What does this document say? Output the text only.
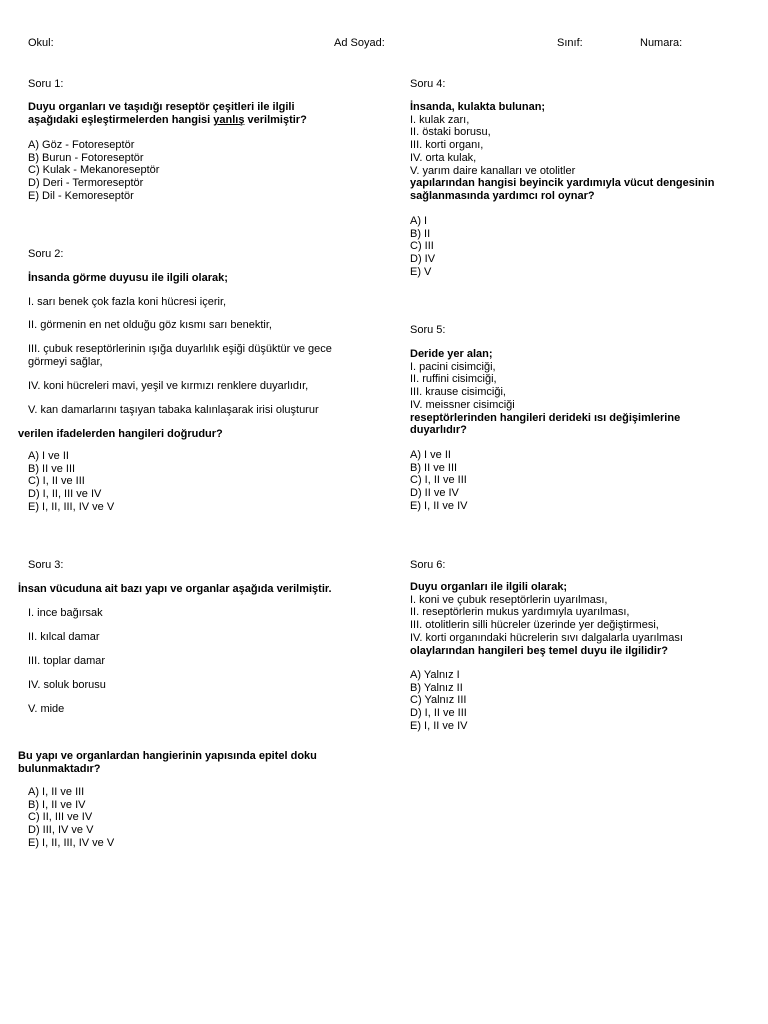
Okul:	Ad Soyad:	Sınıf:	Numara:
Soru 1:
Duyu organları ve taşıdığı reseptör çeşitleri ile ilgili
aşağıdaki eşleştirmelerden hangisi yanlış verilmiştir?
A) Göz - Fotoreseptör
B) Burun - Fotoreseptör
C) Kulak - Mekanoreseptör
D) Deri - Termoreseptör
E) Dil - Kemoreseptör
Soru 2:
İnsanda görme duyusu ile ilgili olarak;
I. sarı benek çok fazla koni hücresi içerir,
II. görmenin en net olduğu göz kısmı sarı benektir,
III. çubuk reseptörlerinin ışığa duyarlılık eşiği düşüktür ve gece
görmeyi sağlar,
IV. koni hücreleri mavi, yeşil ve kırmızı renklere duyarlıdır,
V. kan damarlarını taşıyan tabaka kalınlaşarak irisi oluşturur
verilen ifadelerden hangileri doğrudur?
A) I ve II
B) II ve III
C) I, II ve III
D) I, II, III ve IV
E) I, II, III, IV ve V
Soru 3:
İnsan vücuduna ait bazı yapı ve organlar aşağıda verilmiştir.
I. ince bağırsak
II. kılcal damar
III. toplar damar
IV. soluk borusu
V. mide
Bu yapı ve organlardan hangierinin yapısında epitel doku
bulunmaktadır?
A) I, II ve III
B) I, II ve IV
C) II, III ve IV
D) III, IV ve V
E) I, II, III, IV ve V
Soru 4:
İnsanda, kulakta bulunan;
I. kulak zarı,
II. östaki borusu,
III. korti organı,
IV. orta kulak,
V. yarım daire kanalları ve otolitler
yapılarından hangisi beyincik yardımıyla vücut dengesinin
sağlanmasında yardımcı rol oynar?
A) I
B) II
C) III
D) IV
E) V
Soru 5:
Deride yer alan;
I. pacini cisimciği,
II. ruffini cisimciği,
III. krause cisimciği,
IV. meissner cisimciği
reseptörlerinden hangileri derideki ısı değişimlerine
duyarlıdır?
A) I ve II
B) II ve III
C) I, II ve III
D) II ve IV
E) I, II ve IV
Soru 6:
Duyu organları ile ilgili olarak;
I. koni ve çubuk reseptörlerin uyarılması,
II. reseptörlerin mukus yardımıyla uyarılması,
III. otolitlerin silli hücreler üzerinde yer değiştirmesi,
IV. korti organındaki hücrelerin sıvı dalgalarla uyarılması
olaylarından hangileri beş temel duyu ile ilgilidir?
A) Yalnız I
B) Yalnız II
C) Yalnız III
D) I, II ve III
E) I, II ve IV
